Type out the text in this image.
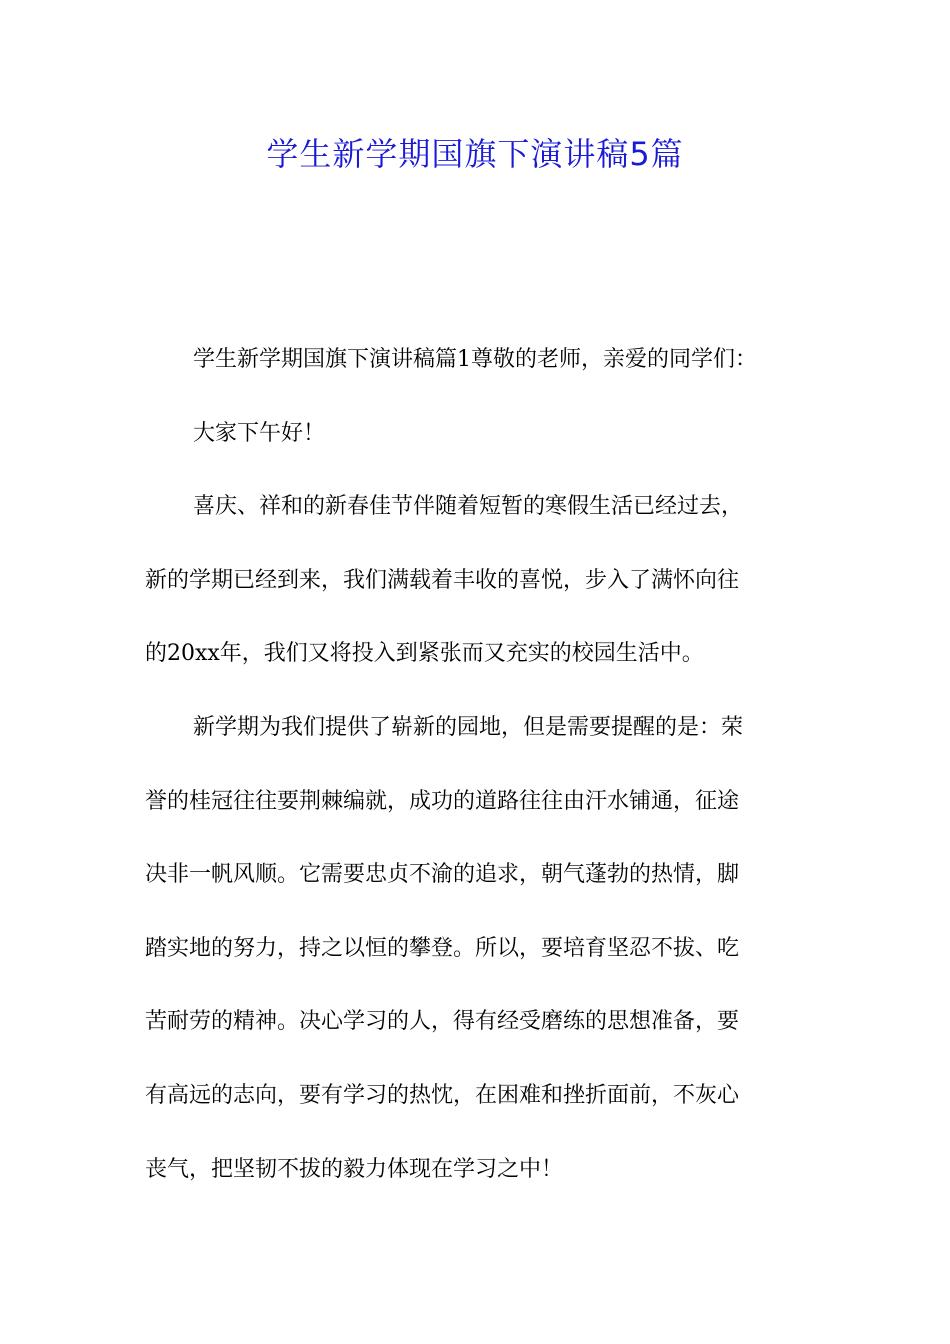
学生新学期国旗下演讲稿5篇
学生新学期国旗下演讲稿篇1尊敬的老师，亲爱的同学们：
大家下午好！
喜庆、祥和的新春佳节伴随着短暂的寒假生活已经过去，
新的学期已经到来，我们满载着丰收的喜悦，步入了满怀向往
的20xx年，我们又将投入到紧张而又充实的校园生活中。
新学期为我们提供了崭新的园地，但是需要提醒的是：荣
誉的桂冠往往要荆棘编就，成功的道路往往由汗水铺通，征途
决非一帆风顺。它需要忠贞不渝的追求，朝气蓬勃的热情，脚
踏实地的努力，持之以恒的攀登。所以，要培育坚忍不拔、吃
苦耐劳的精神。决心学习的人，得有经受磨练的思想准备，要
有高远的志向，要有学习的热忱，在困难和挫折面前，不灰心
丧气，把坚韧不拔的毅力体现在学习之中！
